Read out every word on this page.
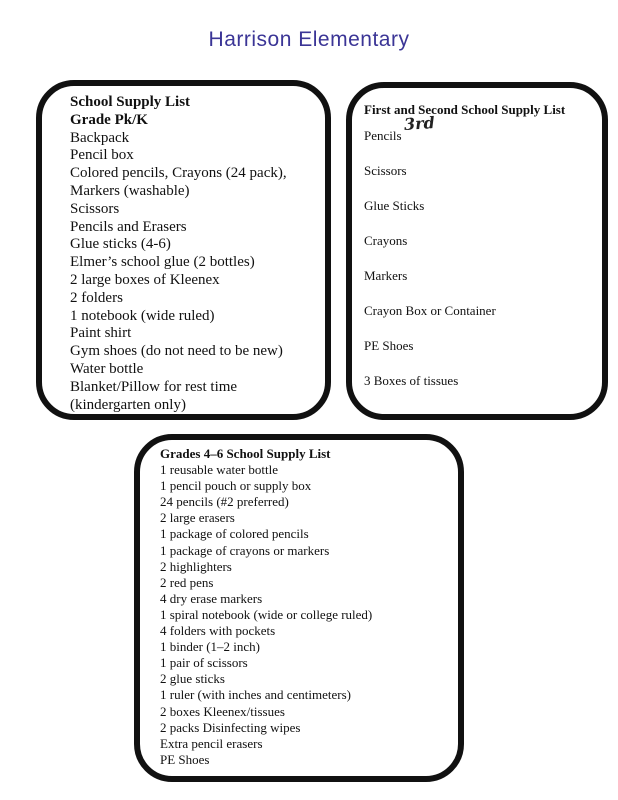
Harrison Elementary
School Supply List
Grade Pk/K
Backpack
Pencil box
Colored pencils, Crayons (24 pack),
Markers (washable)
Scissors
Pencils and Erasers
Glue sticks (4-6)
Elmer’s school glue (2 bottles)
2 large boxes of Kleenex
2 folders
1 notebook (wide ruled)
Paint shirt
Gym shoes (do not need to be new)
Water bottle
Blanket/Pillow for rest time
(kindergarten only)
First and Second School Supply List
3rd
Pencils
Scissors
Glue Sticks
Crayons
Markers
Crayon Box or Container
PE Shoes
3 Boxes of tissues
Grades 4–6 School Supply List
1 reusable water bottle
1 pencil pouch or supply box
24 pencils (#2 preferred)
2 large erasers
1 package of colored pencils
1 package of crayons or markers
2 highlighters
2 red pens
4 dry erase markers
1 spiral notebook (wide or college ruled)
4 folders with pockets
1 binder (1–2 inch)
1 pair of scissors
2 glue sticks
1 ruler (with inches and centimeters)
2 boxes Kleenex/tissues
2 packs Disinfecting wipes
Extra pencil erasers
PE Shoes
